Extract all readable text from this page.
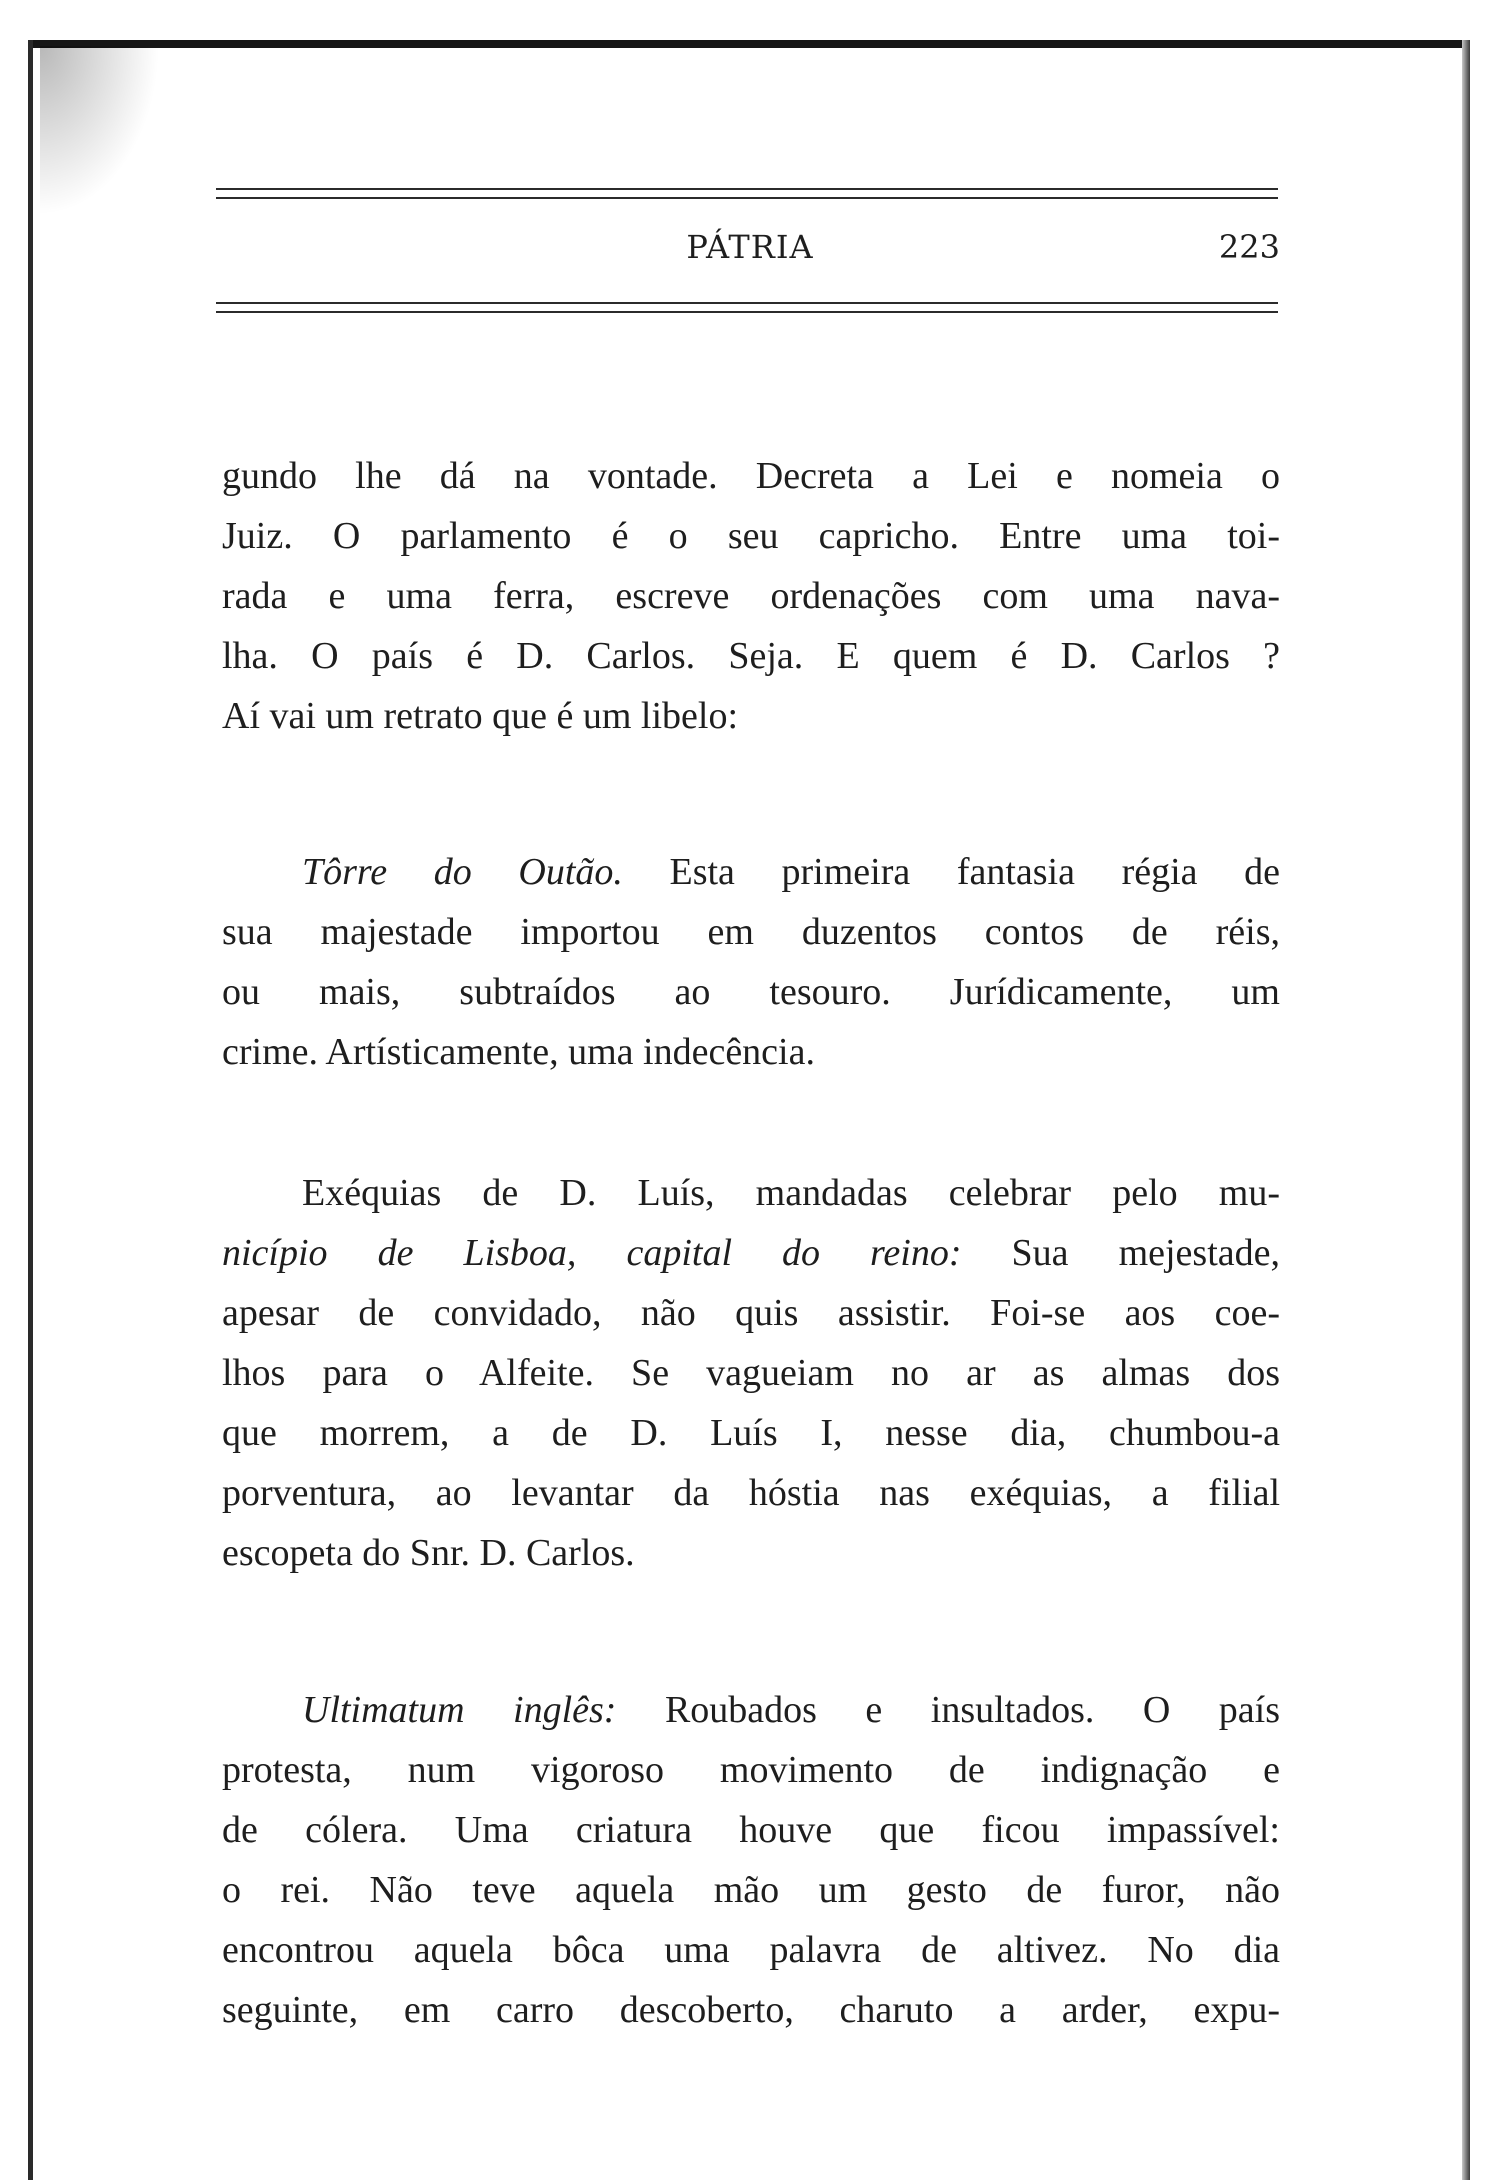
PÁTRIA	223
gundo lhe dá na vontade. Decreta a Lei e nomeia o
Juiz. O parlamento é o seu capricho. Entre uma toi-
rada e uma ferra, escreve ordenações com uma nava-
lha. O país é D. Carlos. Seja. E quem é D. Carlos ?
Aí vai um retrato que é um libelo:
Tôrre do Outão. Esta primeira fantasia régia de
sua majestade importou em duzentos contos de réis,
ou mais, subtraídos ao tesouro. Jurídicamente, um
crime. Artísticamente, uma indecência.
Exéquias de D. Luís, mandadas celebrar pelo mu-
nicípio de Lisboa, capital do reino: Sua mejestade,
apesar de convidado, não quis assistir. Foi-se aos coe-
lhos para o Alfeite. Se vagueiam no ar as almas dos
que morrem, a de D. Luís I, nesse dia, chumbou-a
porventura, ao levantar da hóstia nas exéquias, a filial
escopeta do Snr. D. Carlos.
Ultimatum inglês: Roubados e insultados. O país
protesta, num vigoroso movimento de indignação e
de cólera. Uma criatura houve que ficou impassível:
o rei. Não teve aquela mão um gesto de furor, não
encontrou aquela bôca uma palavra de altivez. No dia
seguinte, em carro descoberto, charuto a arder, expu-
